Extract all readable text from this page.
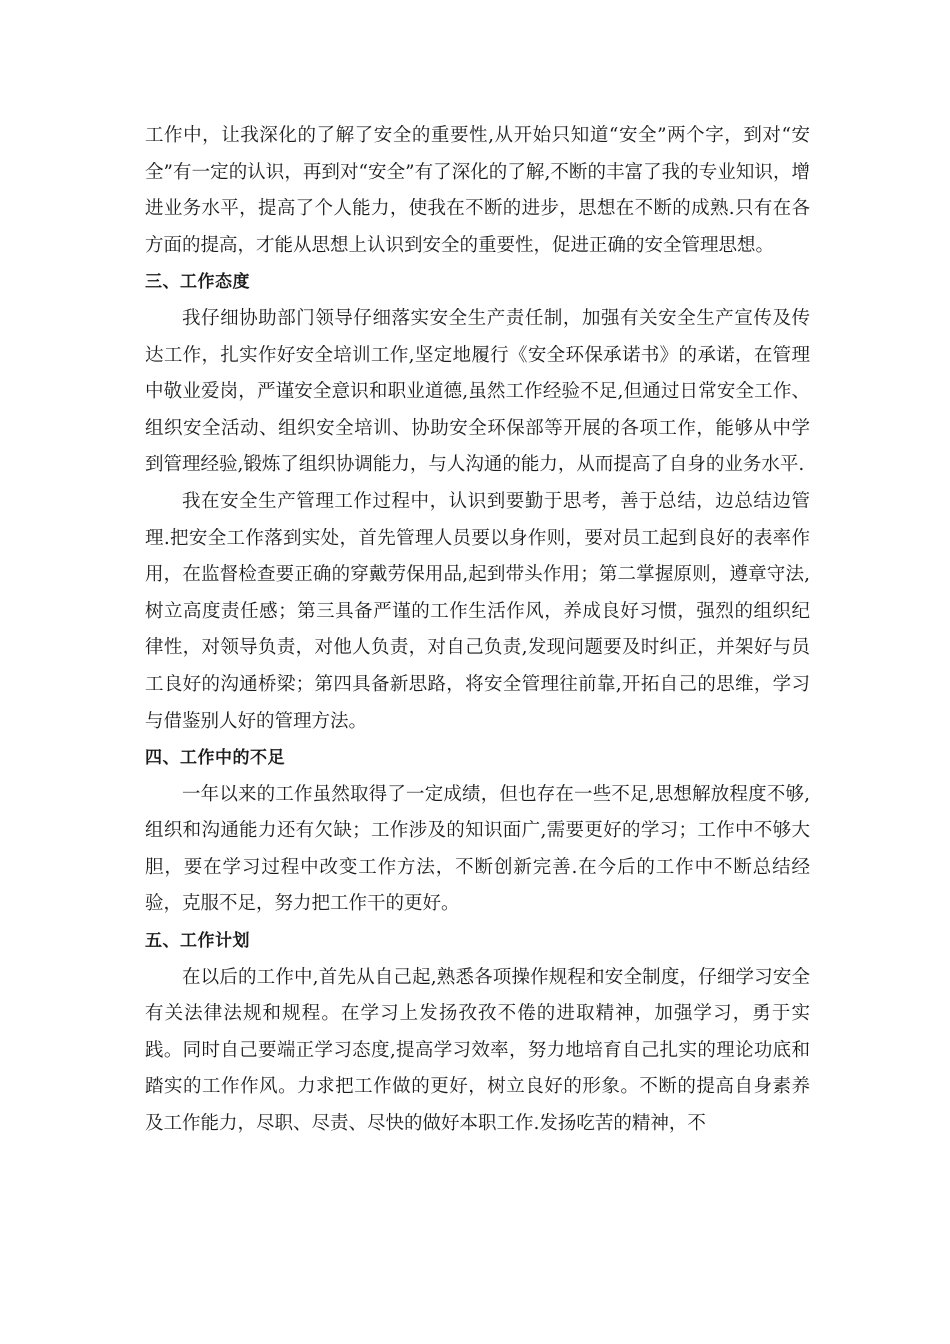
工作中，让我深化的了解了安全的重要性,从开始只知道“安全”两个字，到对“安全”有一定的认识，再到对“安全”有了深化的了解,不断的丰富了我的专业知识，增进业务水平，提高了个人能力，使我在不断的进步，思想在不断的成熟.只有在各方面的提高，才能从思想上认识到安全的重要性，促进正确的安全管理思想。

三、工作态度

我仔细协助部门领导仔细落实安全生产责任制，加强有关安全生产宣传及传达工作，扎实作好安全培训工作,坚定地履行《安全环保承诺书》的承诺，在管理中敬业爱岗，严谨安全意识和职业道德,虽然工作经验不足,但通过日常安全工作、组织安全活动、组织安全培训、协助安全环保部等开展的各项工作，能够从中学到管理经验,锻炼了组织协调能力，与人沟通的能力，从而提高了自身的业务水平.

我在安全生产管理工作过程中，认识到要勤于思考，善于总结，边总结边管理.把安全工作落到实处，首先管理人员要以身作则，要对员工起到良好的表率作用，在监督检查要正确的穿戴劳保用品,起到带头作用；第二掌握原则，遵章守法,树立高度责任感；第三具备严谨的工作生活作风，养成良好习惯，强烈的组织纪律性，对领导负责，对他人负责，对自己负责,发现问题要及时纠正，并架好与员工良好的沟通桥梁；第四具备新思路，将安全管理往前靠,开拓自己的思维，学习与借鉴别人好的管理方法。

四、工作中的不足

一年以来的工作虽然取得了一定成绩，但也存在一些不足,思想解放程度不够,组织和沟通能力还有欠缺；工作涉及的知识面广,需要更好的学习；工作中不够大胆，要在学习过程中改变工作方法，不断创新完善.在今后的工作中不断总结经验，克服不足，努力把工作干的更好。

五、工作计划

在以后的工作中,首先从自己起,熟悉各项操作规程和安全制度，仔细学习安全有关法律法规和规程。在学习上发扬孜孜不倦的进取精神，加强学习，勇于实践。同时自己要端正学习态度,提高学习效率，努力地培育自己扎实的理论功底和踏实的工作作风。力求把工作做的更好，树立良好的形象。不断的提高自身素养及工作能力，尽职、尽责、尽快的做好本职工作.发扬吃苦的精神，不
